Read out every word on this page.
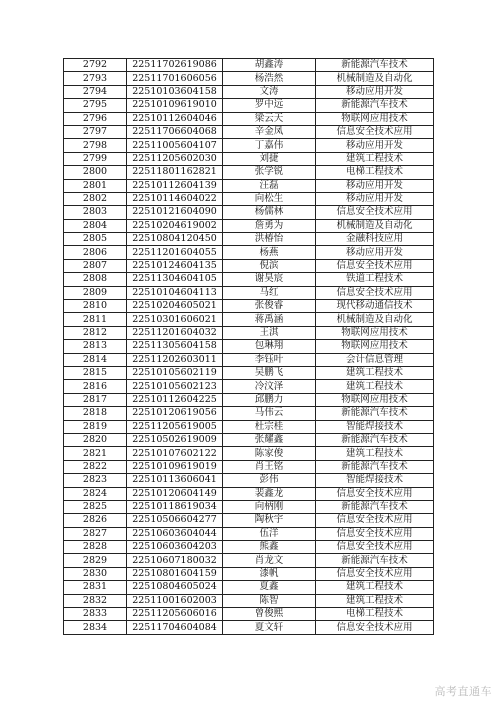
2792	22511702619086	胡鑫涛	新能源汽车技术
2793	22511701606056	杨浩然	机械制造及自动化
2794	22510103604158	文涛	移动应用开发
2795	22510109619010	罗中远	新能源汽车技术
2796	22510112604046	梁云天	物联网应用技术
2797	22511706604068	辛金凤	信息安全技术应用
2798	22511005604107	丁嘉伟	移动应用开发
2799	22511205602030	刘捷	建筑工程技术
2800	22511801162821	张学锐	电梯工程技术
2801	22510112604139	汪磊	移动应用开发
2802	22510114604022	向松生	移动应用开发
2803	22510121604090	杨儒林	信息安全技术应用
2804	22510204619002	詹勇为	机械制造及自动化
2805	22510804120450	洪椿怡	金融科技应用
2806	22511201604055	杨燕	移动应用开发
2807	22510124604135	倪滨	信息安全技术应用
2808	22511304604105	谢昊宸	铁道工程技术
2809	22510104604113	马红	信息安全技术应用
2810	22510204605021	张俊睿	现代移动通信技术
2811	22510301606021	蒋禹涵	机械制造及自动化
2812	22511201604032	王淇	物联网应用技术
2813	22511305604158	包琳翔	物联网应用技术
2814	22511202603011	李钰叶	会计信息管理
2815	22510105602119	吴鹏飞	建筑工程技术
2816	22510105602123	冷汶泽	建筑工程技术
2817	22510112604225	邱鹏力	物联网应用技术
2818	22510120619056	马伟云	新能源汽车技术
2819	22511205619005	杜宗桂	智能焊接技术
2820	22510502619009	张耀鑫	新能源汽车技术
2821	22510107602122	陈家俊	建筑工程技术
2822	22510109619019	肖王铭	新能源汽车技术
2823	22510113606041	彭伟	智能焊接技术
2824	22510120604149	裴鑫龙	信息安全技术应用
2825	22510118619034	向柄刚	新能源汽车技术
2826	22510506604277	陶秋宇	信息安全技术应用
2827	22510603604044	伍洋	信息安全技术应用
2828	22510603604203	熊鑫	信息安全技术应用
2829	22510607180032	肖龙文	新能源汽车技术
2830	22510801604159	漆帆	信息安全技术应用
2831	22510804605024	夏鑫	建筑工程技术
2832	22511001602003	陈智	建筑工程技术
2833	22511205606016	曾俊熙	电梯工程技术
2834	22511704604084	夏文轩	信息安全技术应用
高考直通车
